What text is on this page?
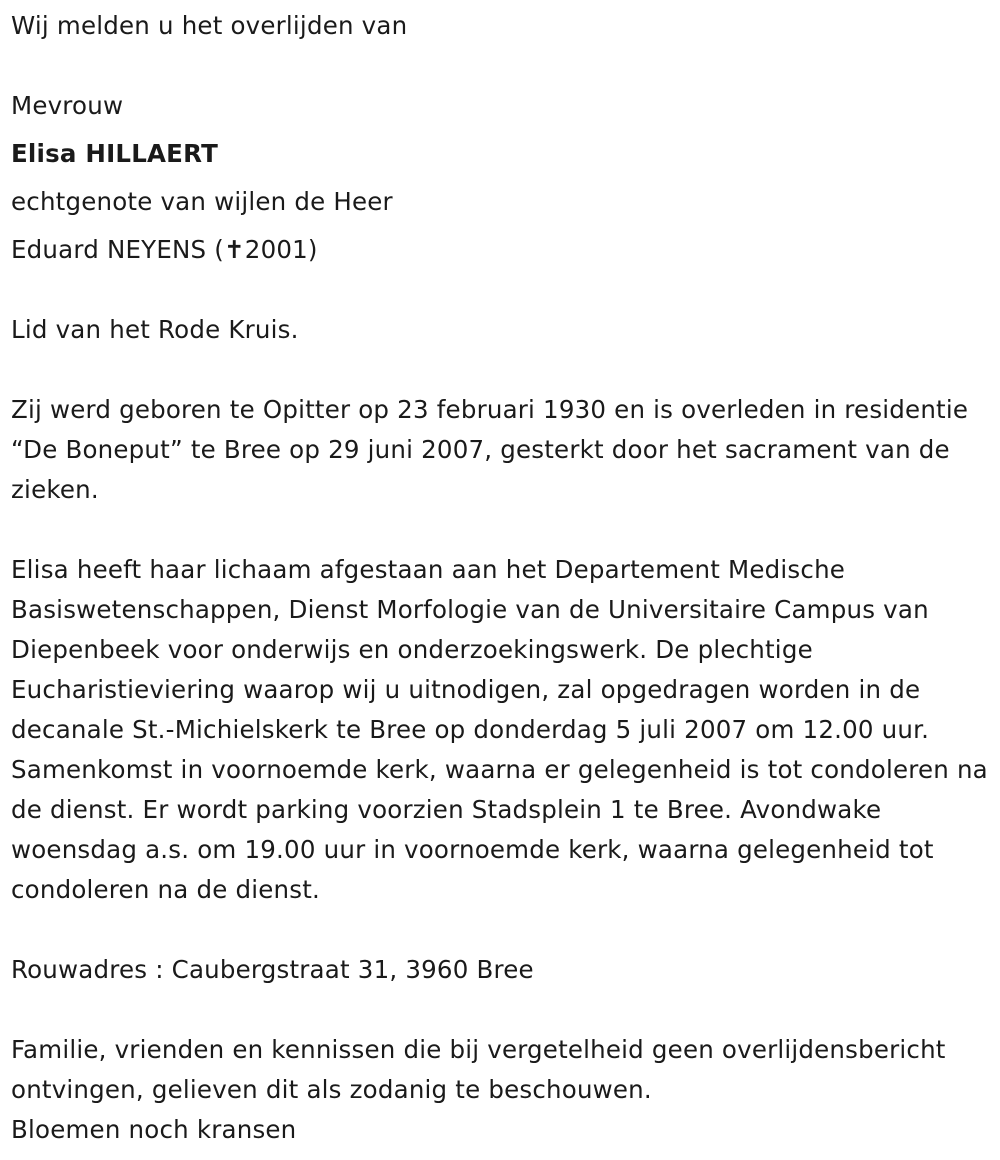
Wij melden u het overlijden van

Mevrouw

Elisa HILLAERT

echtgenote van wijlen de Heer

Eduard NEYENS (✝2001)

Lid van het Rode Kruis.

Zij werd geboren te Opitter op 23 februari 1930 en is overleden in residentie “De Boneput” te Bree op 29 juni 2007, gesterkt door het sacrament van de zieken.

Elisa heeft haar lichaam afgestaan aan het Departement Medische Basiswetenschappen, Dienst Morfologie van de Universitaire Campus van Diepenbeek voor onderwijs en onderzoekingswerk. De plechtige Eucharistieviering waarop wij u uitnodigen, zal opgedragen worden in de decanale St.-Michielskerk te Bree op donderdag 5 juli 2007 om 12.00 uur. Samenkomst in voornoemde kerk, waarna er gelegenheid is tot condoleren na de dienst. Er wordt parking voorzien Stadsplein 1 te Bree. Avondwake woensdag a.s. om 19.00 uur in voornoemde kerk, waarna gelegenheid tot condoleren na de dienst.

Rouwadres : Caubergstraat 31, 3960 Bree

Familie, vrienden en kennissen die bij vergetelheid geen overlijdensbericht ontvingen, gelieven dit als zodanig te beschouwen.

Bloemen noch kransen
